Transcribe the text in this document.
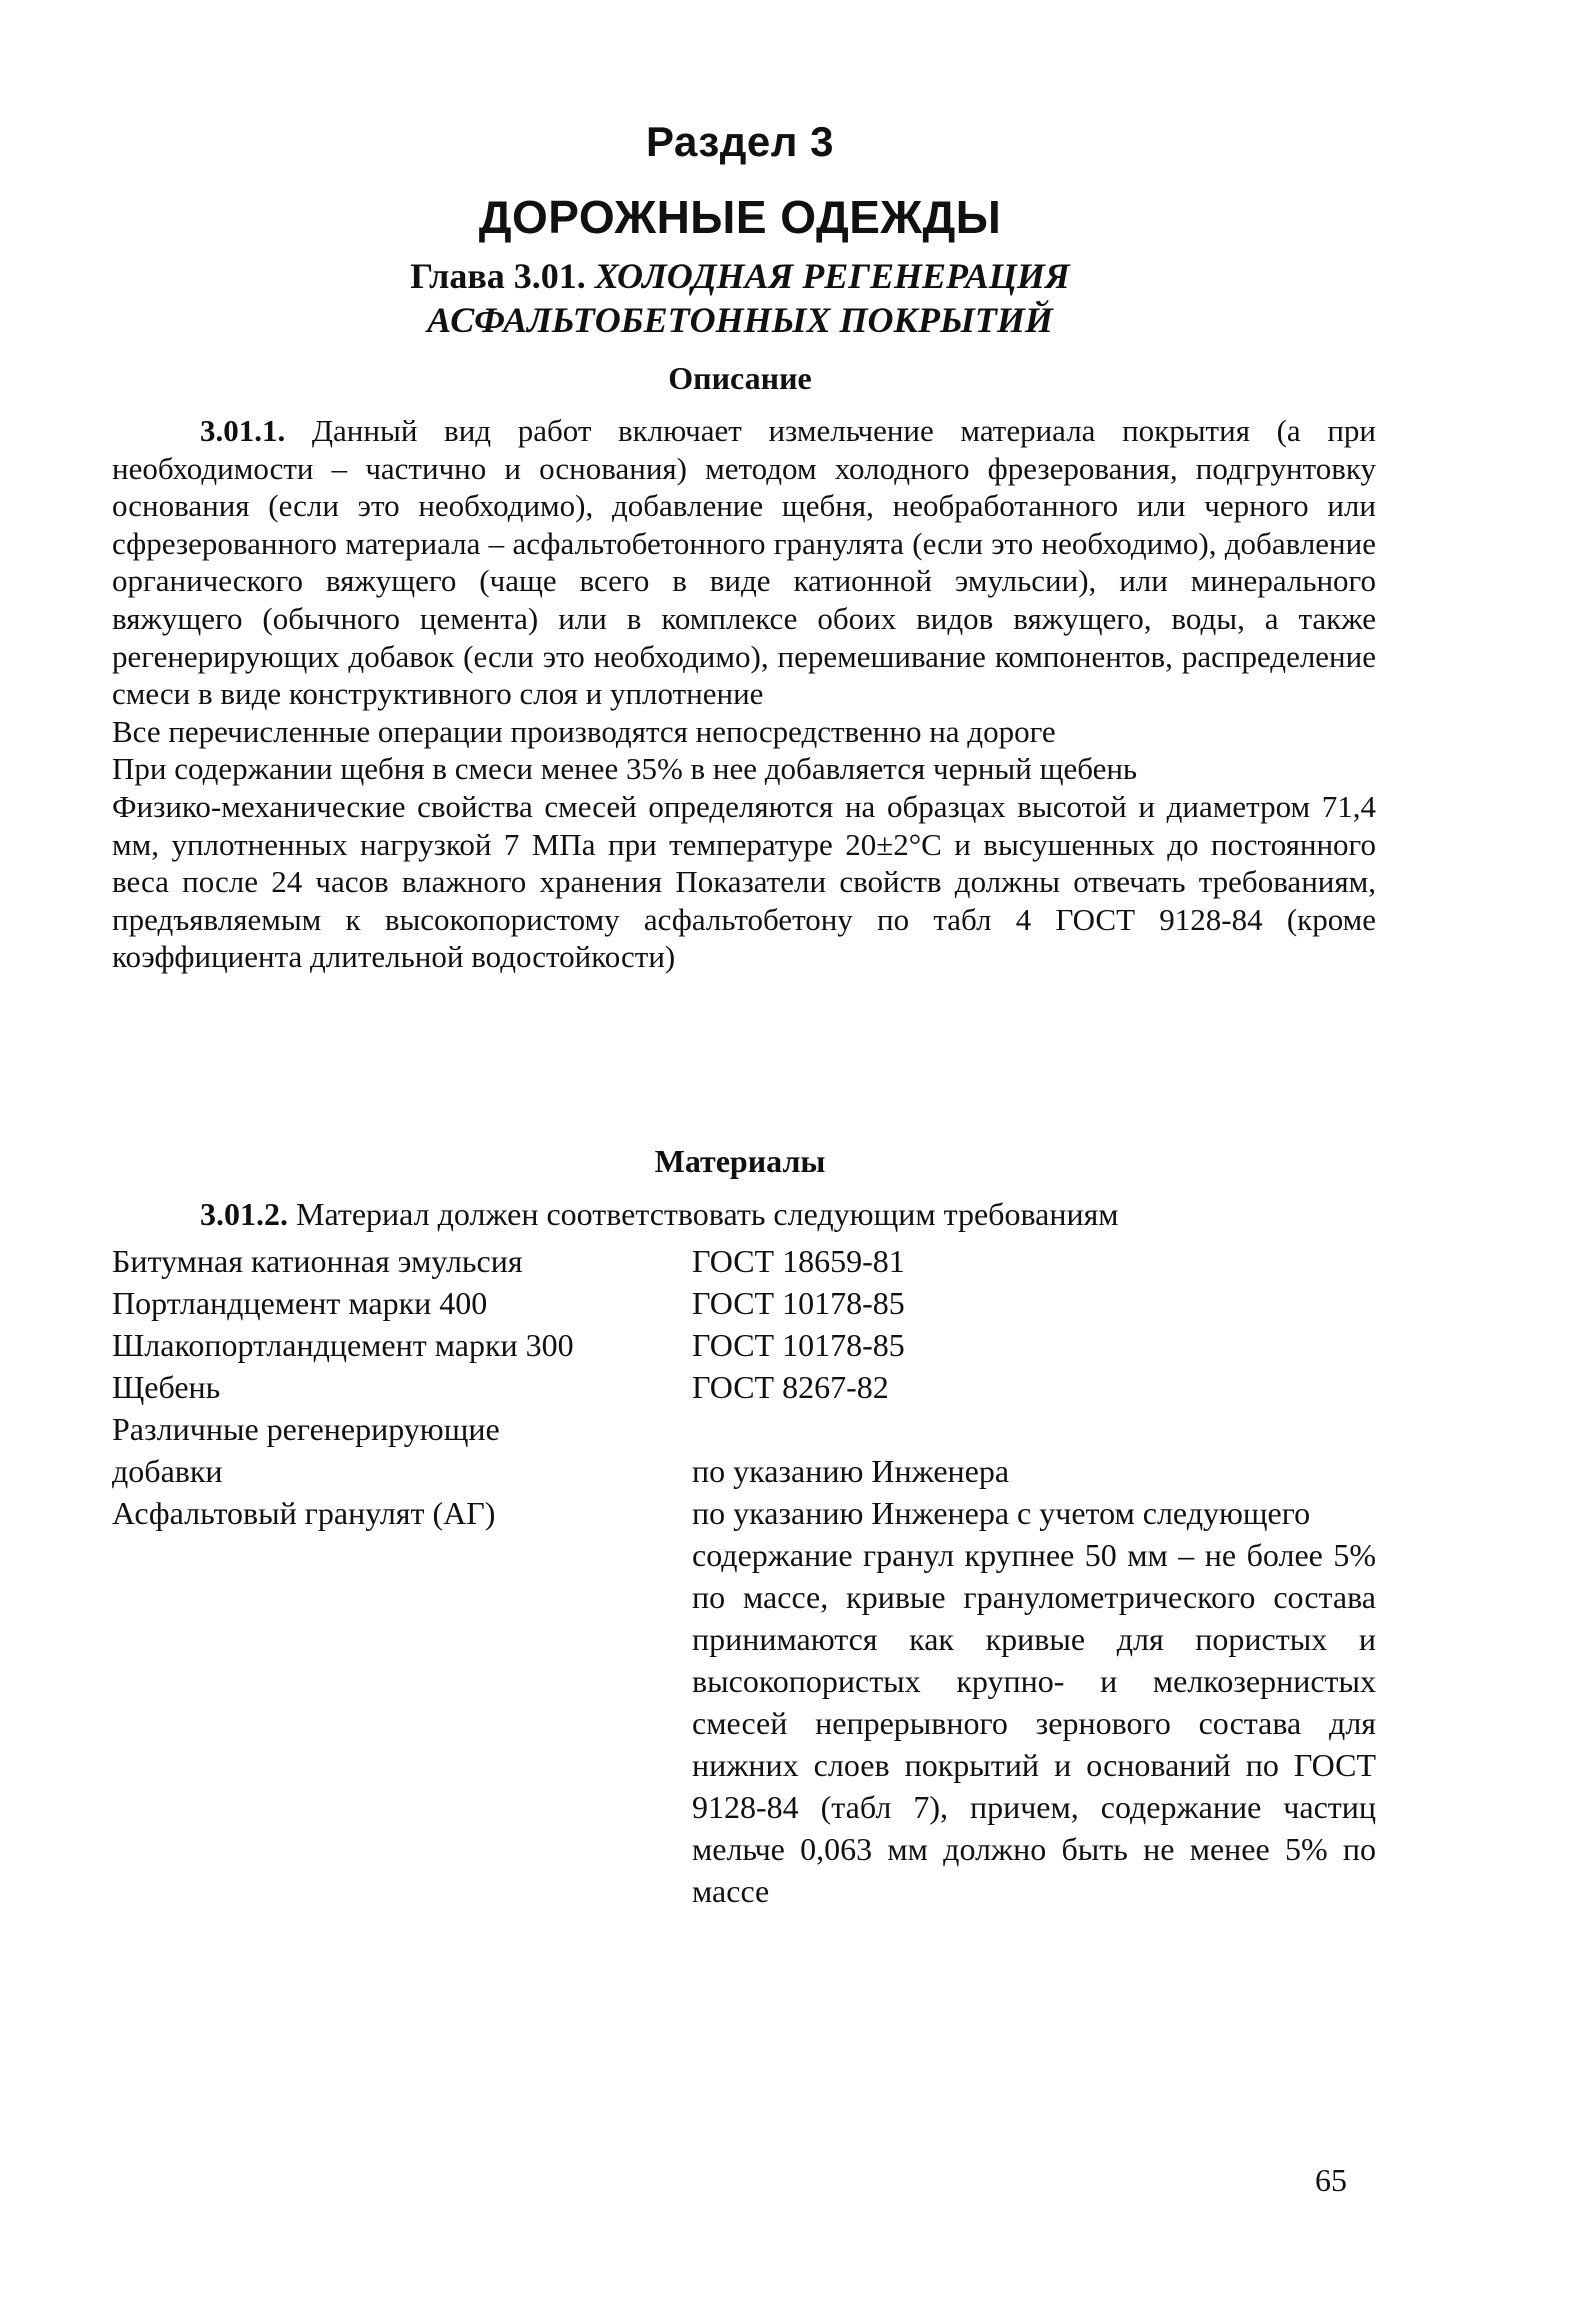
Раздел 3
ДОРОЖНЫЕ ОДЕЖДЫ
Глава 3.01. ХОЛОДНАЯ РЕГЕНЕРАЦИЯ
АСФАЛЬТОБЕТОННЫХ ПОКРЫТИЙ
Описание

3.01.1. Данный вид работ включает измельчение материала покрытия (а при необходимости – частично и основания) методом холодного фрезерования, подгрунтовку основания (если это необходимо), добавление щебня, необработанного или черного или сфрезерованного материала – асфальтобетонного гранулята (если это необходимо), добавление органического вяжущего (чаще всего в виде катионной эмульсии), или минерального вяжущего (обычного цемента) или в комплексе обоих видов вяжущего, воды, а также регенерирующих добавок (если это необходимо), перемешивание компонентов, распределение смеси в виде конструктивного слоя и уплотнение

Все перечисленные операции производятся непосредственно на дороге

При содержании щебня в смеси менее 35% в нее добавляется черный щебень

Физико-механические свойства смесей определяются на образцах высотой и диаметром 71,4 мм, уплотненных нагрузкой 7 МПа при температуре 20±2°С и высушенных до постоянного веса после 24 часов влажного хранения Показатели свойств должны отвечать требованиям, предъявляемым к высокопористому асфальтобетону по табл 4 ГОСТ 9128-84 (кроме коэффициента длительной водостойкости)

Материалы

3.01.2. Материал должен соответствовать следующим требованиям

Битумная катионная эмульсия	ГОСТ 18659-81
Портландцемент марки 400	ГОСТ 10178-85
Шлакопортландцемент марки 300	ГОСТ 10178-85
Щебень	ГОСТ 8267-82
Различные регенерирующие добавки	по указанию Инженера
Асфальтовый гранулят (АГ)	по указанию Инженера с учетом следующего
содержание гранул крупнее 50 мм – не более 5% по массе, кривые гранулометрического состава принимаются как кривые для пористых и высокопористых крупно- и мелкозернистых смесей непрерывного зернового состава для нижних слоев покрытий и оснований по ГОСТ 9128-84 (табл 7), причем, содержание частиц мельче 0,063 мм должно быть не менее 5% по массе
65
